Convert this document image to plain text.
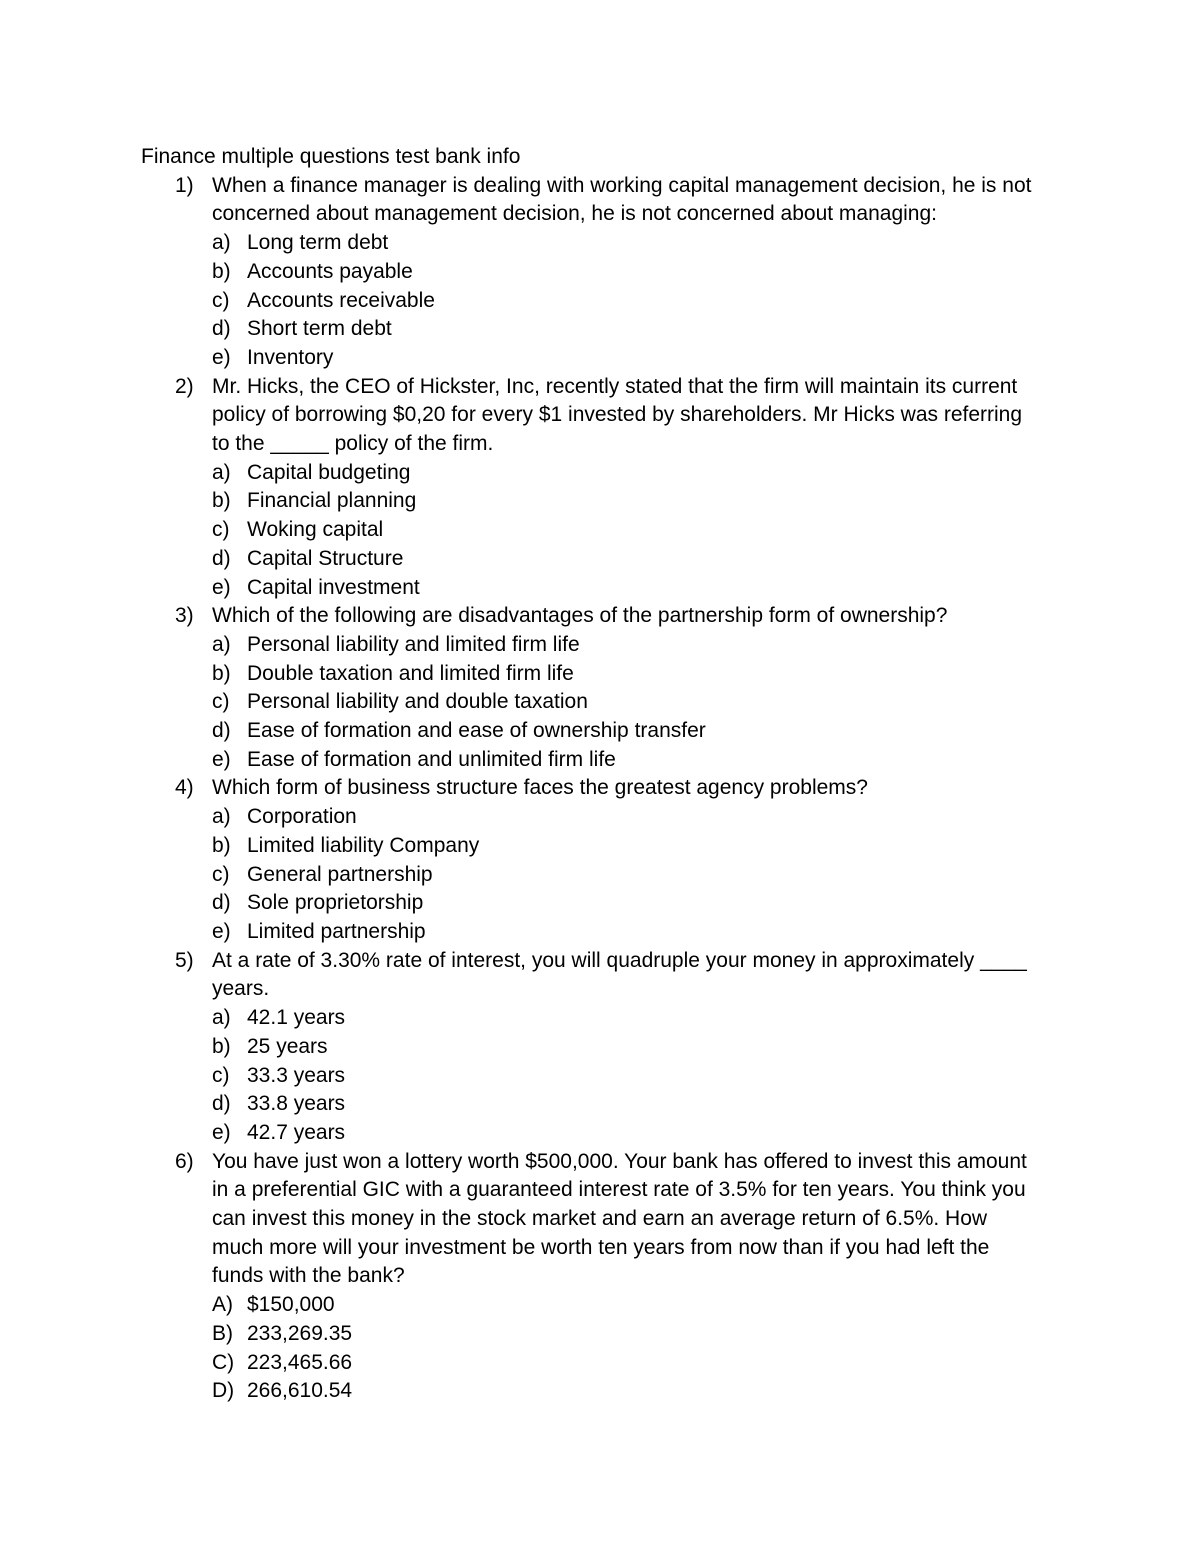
Finance multiple questions test bank info
1) When a finance manager is dealing with working capital management decision, he is not
concerned about management decision, he is not concerned about managing:
a) Long term debt
b) Accounts payable
c) Accounts receivable
d) Short term debt
e) Inventory
2) Mr. Hicks, the CEO of Hickster, Inc, recently stated that the firm will maintain its current
policy of borrowing $0,20 for every $1 invested by shareholders. Mr Hicks was referring
to the _____ policy of the firm.
a) Capital budgeting
b) Financial planning
c) Woking capital
d) Capital Structure
e) Capital investment
3) Which of the following are disadvantages of the partnership form of ownership?
a) Personal liability and limited firm life
b) Double taxation and limited firm life
c) Personal liability and double taxation
d) Ease of formation and ease of ownership transfer
e) Ease of formation and unlimited firm life
4) Which form of business structure faces the greatest agency problems?
a) Corporation
b) Limited liability Company
c) General partnership
d) Sole proprietorship
e) Limited partnership
5) At a rate of 3.30% rate of interest, you will quadruple your money in approximately ____
years.
a) 42.1 years
b) 25 years
c) 33.3 years
d) 33.8 years
e) 42.7 years
6) You have just won a lottery worth $500,000. Your bank has offered to invest this amount
in a preferential GIC with a guaranteed interest rate of 3.5% for ten years. You think you
can invest this money in the stock market and earn an average return of 6.5%. How
much more will your investment be worth ten years from now than if you had left the
funds with the bank?
A) $150,000
B) 233,269.35
C) 223,465.66
D) 266,610.54
